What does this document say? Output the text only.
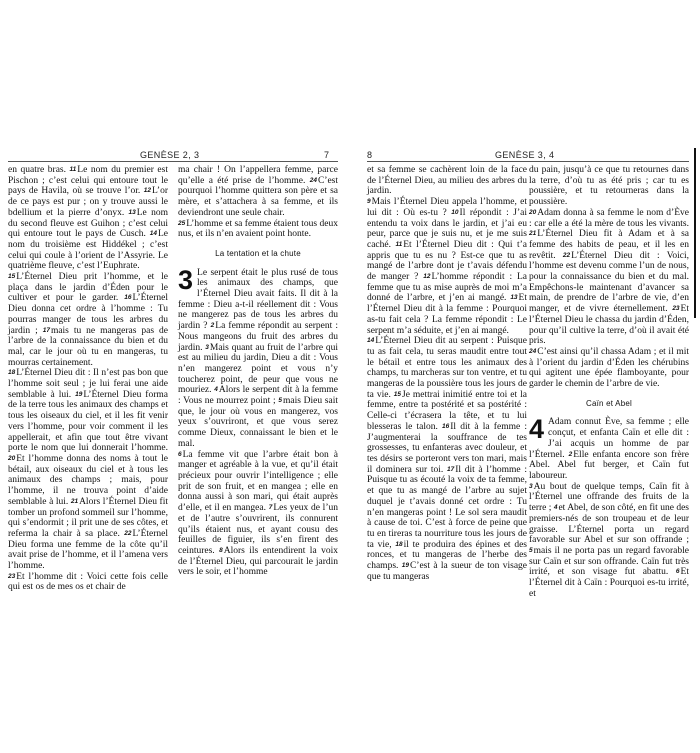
GENÈSE 2, 3	7

en quatre bras. 11Le nom du premier est Pischon ; c’est celui qui entoure tout le pays de Havila, où se trouve l’or. 12L’or de ce pays est pur ; on y trouve aussi le bdellium et la pierre d’onyx. 13Le nom du second fleuve est Guihon ; c’est celui qui entoure tout le pays de Cusch. 14Le nom du troisième est Hiddékel ; c’est celui qui coule à l’orient de l’Assyrie. Le quatrième fleuve, c’est l’Euphrate.

15L’Éternel Dieu prit l’homme, et le plaça dans le jardin d’Éden pour le cultiver et pour le garder. 16L’Éternel Dieu donna cet ordre à l’homme : Tu pourras manger de tous les arbres du jardin ; 17mais tu ne mangeras pas de l’arbre de la connaissance du bien et du mal, car le jour où tu en mangeras, tu mourras certainement.

18L’Éternel Dieu dit : Il n’est pas bon que l’homme soit seul ; je lui ferai une aide semblable à lui. 19L’Éternel Dieu forma de la terre tous les animaux des champs et tous les oiseaux du ciel, et il les fit venir vers l’homme, pour voir comment il les appellerait, et afin que tout être vivant porte le nom que lui donnerait l’homme. 20Et l’homme donna des noms à tout le bétail, aux oiseaux du ciel et à tous les animaux des champs ; mais, pour l’homme, il ne trouva point d’aide semblable à lui. 21Alors l’Éternel Dieu fit tomber un profond sommeil sur l’homme, qui s’endormit ; il prit une de ses côtes, et referma la chair à sa place. 22L’Éternel Dieu forma une femme de la côte qu’il avait prise de l’homme, et il l’amena vers l’homme.

23Et l’homme dit : Voici cette fois celle qui est os de mes os et chair de

ma chair ! On l’appellera femme, parce qu’elle a été prise de l’homme. 24C’est pourquoi l’homme quittera son père et sa mère, et s’attachera à sa femme, et ils deviendront une seule chair.

25L’homme et sa femme étaient tous deux nus, et ils n’en avaient point honte.

La tentation et la chute

3 Le serpent était le plus rusé de tous les animaux des champs, que l’Éternel Dieu avait faits. Il dit à la femme : Dieu a-t-il réellement dit : Vous ne mangerez pas de tous les arbres du jardin ? 2La femme répondit au serpent : Nous mangeons du fruit des arbres du jardin. 3Mais quant au fruit de l’arbre qui est au milieu du jardin, Dieu a dit : Vous n’en mangerez point et vous n’y toucherez point, de peur que vous ne mouriez. 4Alors le serpent dit à la femme : Vous ne mourrez point ; 5mais Dieu sait que, le jour où vous en mangerez, vos yeux s’ouvriront, et que vous serez comme Dieux, connaissant le bien et le mal.

6La femme vit que l’arbre était bon à manger et agréable à la vue, et qu’il était précieux pour ouvrir l’intelligence ; elle prit de son fruit, et en mangea ; elle en donna aussi à son mari, qui était auprès d’elle, et il en mangea. 7Les yeux de l’un et de l’autre s’ouvrirent, ils connurent qu’ils étaient nus, et ayant cousu des feuilles de figuier, ils s’en firent des ceintures. 8Alors ils entendirent la voix de l’Éternel Dieu, qui parcourait le jardin vers le soir, et l’homme

8	GENÈSE 3, 4

et sa femme se cachèrent loin de la face de l’Éternel Dieu, au milieu des arbres du jardin.

9Mais l’Éternel Dieu appela l’homme, et lui dit : Où es-tu ? 10Il répondit : J’ai entendu ta voix dans le jardin, et j’ai eu peur, parce que je suis nu, et je me suis caché. 11Et l’Éternel Dieu dit : Qui t’a appris que tu es nu ? Est-ce que tu as mangé de l’arbre dont je t’avais défendu de manger ? 12L’homme répondit : La femme que tu as mise auprès de moi m’a donné de l’arbre, et j’en ai mangé. 13Et l’Éternel Dieu dit à la femme : Pourquoi as-tu fait cela ? La femme répondit : Le serpent m’a séduite, et j’en ai mangé.

14L’Éternel Dieu dit au serpent : Puisque tu as fait cela, tu seras maudit entre tout le bétail et entre tous les animaux des champs, tu marcheras sur ton ventre, et tu mangeras de la poussière tous les jours de ta vie. 15Je mettrai inimitié entre toi et la femme, entre ta postérité et sa postérité : Celle-ci t’écrasera la tête, et tu lui blesseras le talon. 16Il dit à la femme : J’augmenterai la souffrance de tes grossesses, tu enfanteras avec douleur, et tes désirs se porteront vers ton mari, mais il dominera sur toi. 17Il dit à l’homme : Puisque tu as écouté la voix de ta femme, et que tu as mangé de l’arbre au sujet duquel je t’avais donné cet ordre : Tu n’en mangeras point ! Le sol sera maudit à cause de toi. C’est à force de peine que tu en tireras ta nourriture tous les jours de ta vie, 18il te produira des épines et des ronces, et tu mangeras de l’herbe des champs. 19C’est à la sueur de ton visage que tu mangeras

du pain, jusqu’à ce que tu retournes dans la terre, d’où tu as été pris ; car tu es poussière, et tu retourneras dans la poussière.

20Adam donna à sa femme le nom d’Ève : car elle a été la mère de tous les vivants. 21L’Éternel Dieu fit à Adam et à sa femme des habits de peau, et il les en revêtit. 22L’Éternel Dieu dit : Voici, l’homme est devenu comme l’un de nous, pour la connaissance du bien et du mal. Empêchons-le maintenant d’avancer sa main, de prendre de l’arbre de vie, d’en manger, et de vivre éternellement. 23Et l’Éternel Dieu le chassa du jardin d’Éden, pour qu’il cultive la terre, d’où il avait été pris.

24C’est ainsi qu’il chassa Adam ; et il mit à l’orient du jardin d’Éden les chérubins qui agitent une épée flamboyante, pour garder le chemin de l’arbre de vie.

Caïn et Abel

4 Adam connut Ève, sa femme ; elle conçut, et enfanta Caïn et elle dit : J’ai acquis un homme de par l’Éternel. 2Elle enfanta encore son frère Abel. Abel fut berger, et Caïn fut laboureur.

3Au bout de quelque temps, Caïn fit à l’Éternel une offrande des fruits de la terre ; 4et Abel, de son côté, en fit une des premiers-nés de son troupeau et de leur graisse. L’Éternel porta un regard favorable sur Abel et sur son offrande ; 5mais il ne porta pas un regard favorable sur Caïn et sur son offrande. Caïn fut très irrité, et son visage fut abattu. 6Et l’Éternel dit à Caïn : Pourquoi es-tu irrité, et
